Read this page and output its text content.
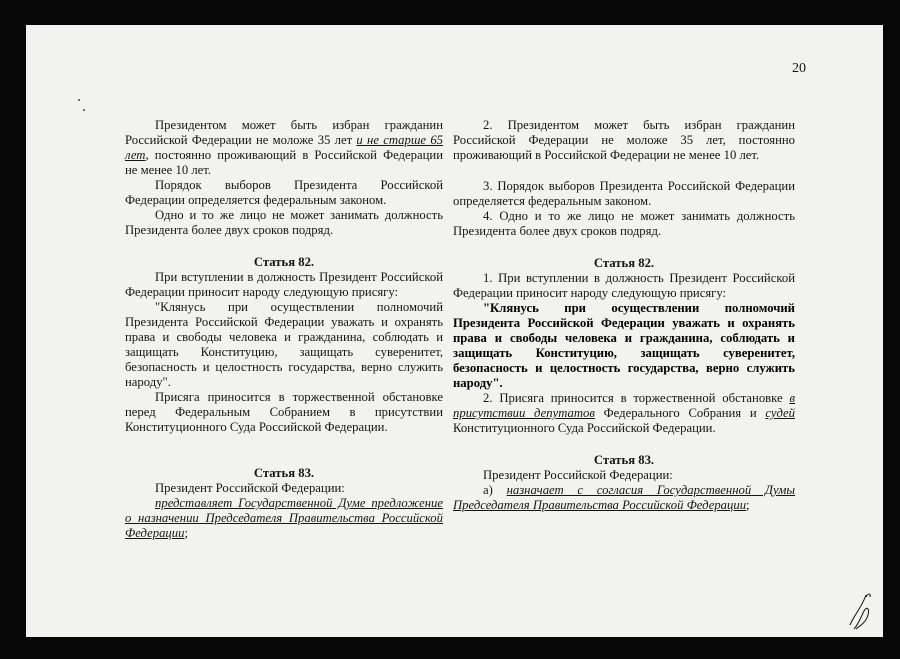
20
Президентом может быть избран гражданин Российской Федерации не моложе 35 лет и не старше 65 лет, постоянно проживающий в Российской Федерации не менее 10 лет.
Порядок выборов Президента Российской Федерации определяется федеральным законом.
Одно и то же лицо не может занимать должность Президента более двух сроков подряд.
Статья 82.
При вступлении в должность Президент Российской Федерации приносит народу следующую присягу:
"Клянусь при осуществлении полномочий Президента Российской Федерации уважать и охранять права и свободы человека и гражданина, соблюдать и защищать Конституцию, защищать суверенитет, безопасность и целостность государства, верно служить народу".
Присяга приносится в торжественной обстановке перед Федеральным Собранием в присутствии Конституционного Суда Российской Федерации.
Статья 83.
Президент Российской Федерации:
представляет Государственной Думе предложение о назначении Председателя Правительства Российской Федерации;
2. Президентом может быть избран гражданин Российской Федерации не моложе 35 лет, постоянно проживающий в Российской Федерации не менее 10 лет.
3. Порядок выборов Президента Российской Федерации определяется федеральным законом.
4. Одно и то же лицо не может занимать должность Президента более двух сроков подряд.
Статья 82.
1. При вступлении в должность Президент Российской Федерации приносит народу следующую присягу:
"Клянусь при осуществлении полномочий Президента Российской Федерации уважать и охранять права и свободы человека и гражданина, соблюдать и защищать Конституцию, защищать суверенитет, безопасность и целостность государства, верно служить народу".
2. Присяга приносится в торжественной обстановке в присутствии депутатов Федерального Собрания и судей Конституционного Суда Российской Федерации.
Статья 83.
Президент Российской Федерации:
а) назначает с согласия Государственной Думы Председателя Правительства Российской Федерации;
